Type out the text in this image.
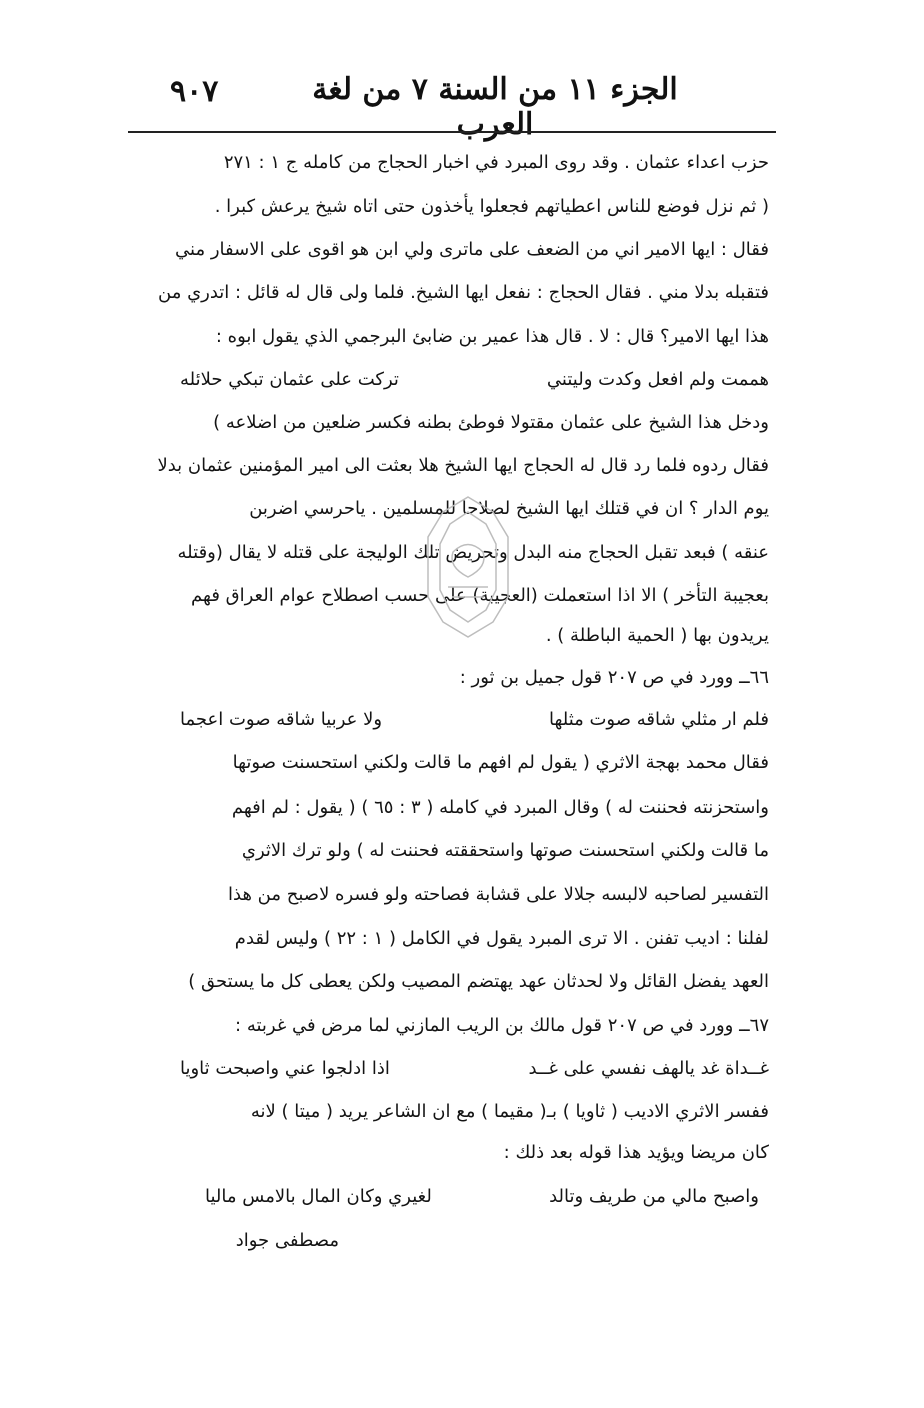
الجزء ١١ من السنة ٧ من لغة العرب
٩٠٧
حزب اعداء عثمان . وقد روى المبرد في اخبار الحجاج من كامله ج ١ : ٢٧١
( ثم نزل فوضع للناس اعطياتهم فجعلوا يأخذون حتى اتاه شيخ يرعش كبرا .
فقال : ايها الامير اني من الضعف على ماترى ولي ابن هو اقوى على الاسفار مني
فتقبله بدلا مني . فقال الحجاج : نفعل ايها الشيخ. فلما ولى قال له قائل : اتدري من
هذا ايها الامير؟ قال : لا . قال هذا عمير بن ضابئ البرجمي الذي يقول ابوه :
هممت ولم افعل وكدت وليتني
تركت على عثمان تبكي حلائله
ودخل هذا الشيخ على عثمان مقتولا فوطئ بطنه فكسر ضلعين من اضلاعه )
فقال ردوه فلما رد قال له الحجاج ايها الشيخ هلا بعثت الى امير المؤمنين عثمان بدلا
يوم الدار ؟ ان في قتلك ايها الشيخ لصلاحا للمسلمين . ياحرسي اضربن
عنقه ) فبعد تقبل الحجاج منه البدل وتحريض تلك الوليجة على قتله لا يقال (وقتله
بعجيبة التأخر ) الا اذا استعملت (العجيبة) على حسب اصطلاح عوام العراق فهم
يريدون بها ( الحمية الباطلة ) .
٦٦ــ وورد في ص ٢٠٧ قول جميل بن ثور :
فلم ار مثلي شاقه صوت مثلها
ولا عربيا شاقه صوت اعجما
فقال محمد بهجة الاثري ( يقول لم افهم ما قالت ولكني استحسنت صوتها
واستحزنته فحننت له ) وقال المبرد في كامله ( ٣ : ٦٥ ) ( يقول : لم افهم
ما قالت ولكني استحسنت صوتها واستحققته فحننت له ) ولو ترك الاثري
التفسير لصاحبه لالبسه جلالا على قشابة فصاحته ولو فسره لاصبح من هذا
لفلنا : اديب تفنن . الا ترى المبرد يقول في الكامل ( ١ : ٢٢ ) وليس لقدم
العهد يفضل القائل ولا لحدثان عهد يهتضم المصيب ولكن يعطى كل ما يستحق )
٦٧ــ وورد في ص ٢٠٧ قول مالك بن الريب المازني لما مرض في غربته :
غــداة غد يالهف نفسي على غــد
اذا ادلجوا عني واصبحت ثاويا
ففسر الاثري الاديب ( ثاويا ) بـ( مقيما ) مع ان الشاعر يريد ( ميتا ) لانه
كان مريضا ويؤيد هذا قوله بعد ذلك :
واصبح مالي من طريف وتالد
لغيري وكان المال بالامس ماليا
مصطفى جواد
